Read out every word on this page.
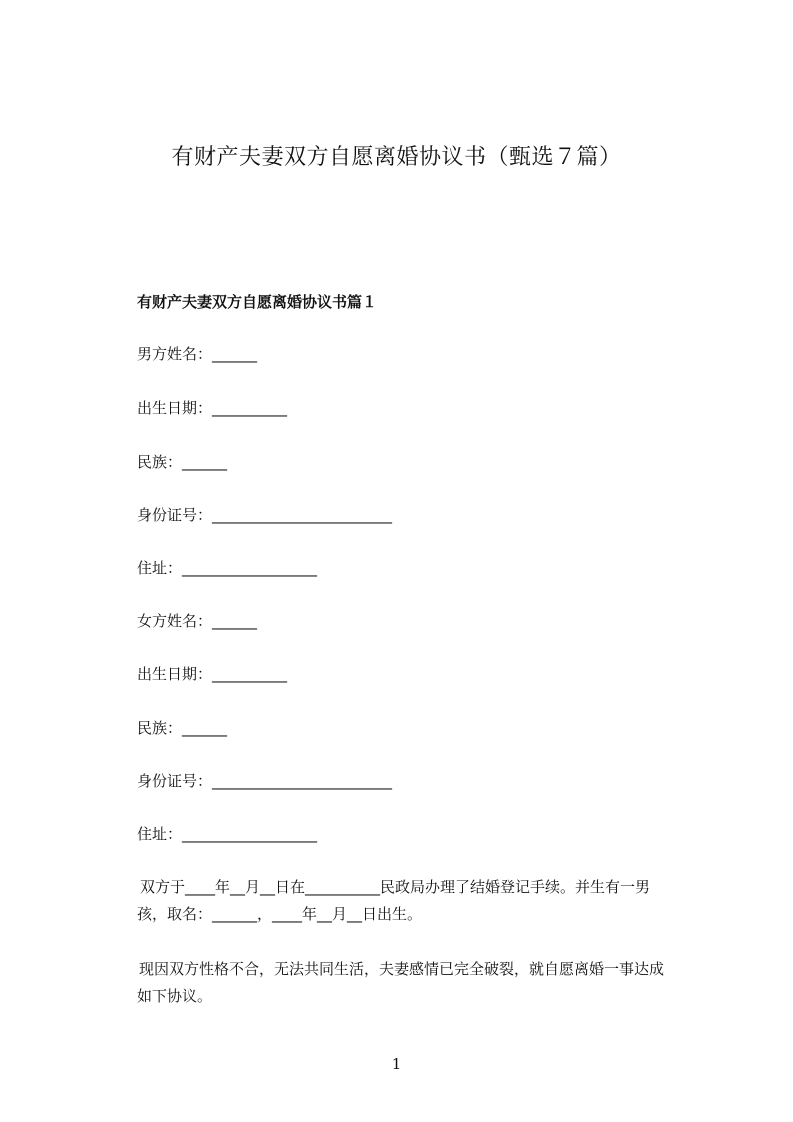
有财产夫妻双方自愿离婚协议书（甄选７篇）
有财产夫妻双方自愿离婚协议书篇１
男方姓名：______
出生日期：__________
民族：______
身份证号：________________________
住址：__________________
女方姓名：______
出生日期：__________
民族：______
身份证号：________________________
住址：__________________
双方于____年__月__日在__________民政局办理了结婚登记手续。并生有一男
孩，取名：______，____年__月__日出生。
现因双方性格不合，无法共同生活，夫妻感情已完全破裂，就自愿离婚一事达成
如下协议。
1
